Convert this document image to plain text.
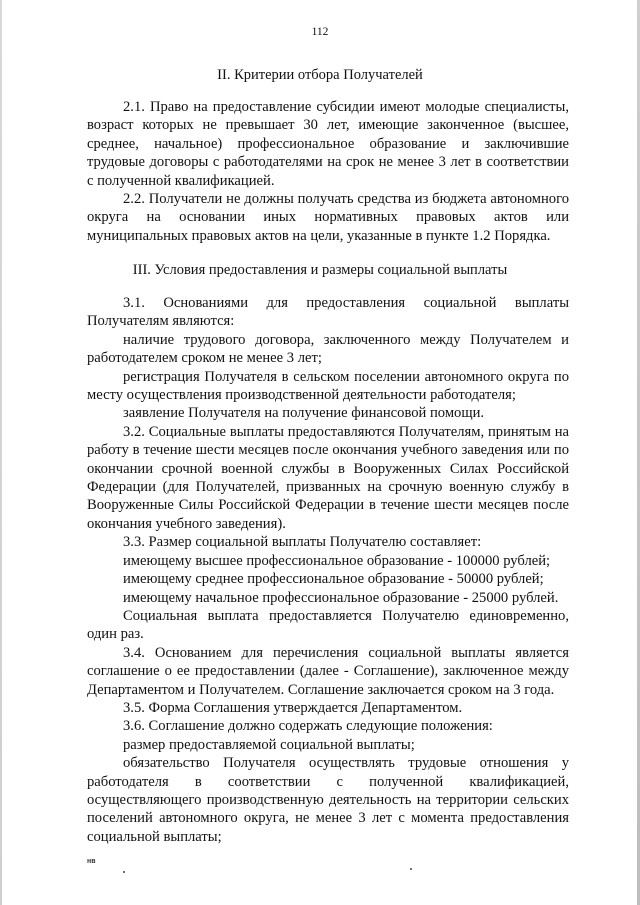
112
II. Критерии отбора Получателей

2.1. Право на предоставление субсидии имеют молодые специалисты, возраст которых не превышает 30 лет, имеющие законченное (высшее, среднее, начальное) профессиональное образование и заключившие трудовые договоры с работодателями на срок не менее 3 лет в соответствии с полученной квалификацией.

2.2. Получатели не должны получать средства из бюджета автономного округа на основании иных нормативных правовых актов или муниципальных правовых актов на цели, указанные в пункте 1.2 Порядка.

III. Условия предоставления и размеры социальной выплаты

3.1. Основаниями для предоставления социальной выплаты Получателям являются:

наличие трудового договора, заключенного между Получателем и работодателем сроком не менее 3 лет;

регистрация Получателя в сельском поселении автономного округа по месту осуществления производственной деятельности работодателя;

заявление Получателя на получение финансовой помощи.

3.2. Социальные выплаты предоставляются Получателям, принятым на работу в течение шести месяцев после окончания учебного заведения или по окончании срочной военной службы в Вооруженных Силах Российской Федерации (для Получателей, призванных на срочную военную службу в Вооруженные Силы Российской Федерации в течение шести месяцев после окончания учебного заведения).

3.3. Размер социальной выплаты Получателю составляет:

имеющему высшее профессиональное образование - 100000 рублей;

имеющему среднее профессиональное образование - 50000 рублей;

имеющему начальное профессиональное образование - 25000 рублей.

Социальная выплата предоставляется Получателю единовременно, один раз.

3.4. Основанием для перечисления социальной выплаты является соглашение о ее предоставлении (далее - Соглашение), заключенное между Департаментом и Получателем. Соглашение заключается сроком на 3 года.

3.5. Форма Соглашения утверждается Департаментом.

3.6. Соглашение должно содержать следующие положения:

размер предоставляемой социальной выплаты;

обязательство Получателя осуществлять трудовые отношения у работодателя в соответствии с полученной квалификацией, осуществляющего производственную деятельность на территории сельских поселений автономного округа, не менее 3 лет с момента предоставления социальной выплаты;

нв
